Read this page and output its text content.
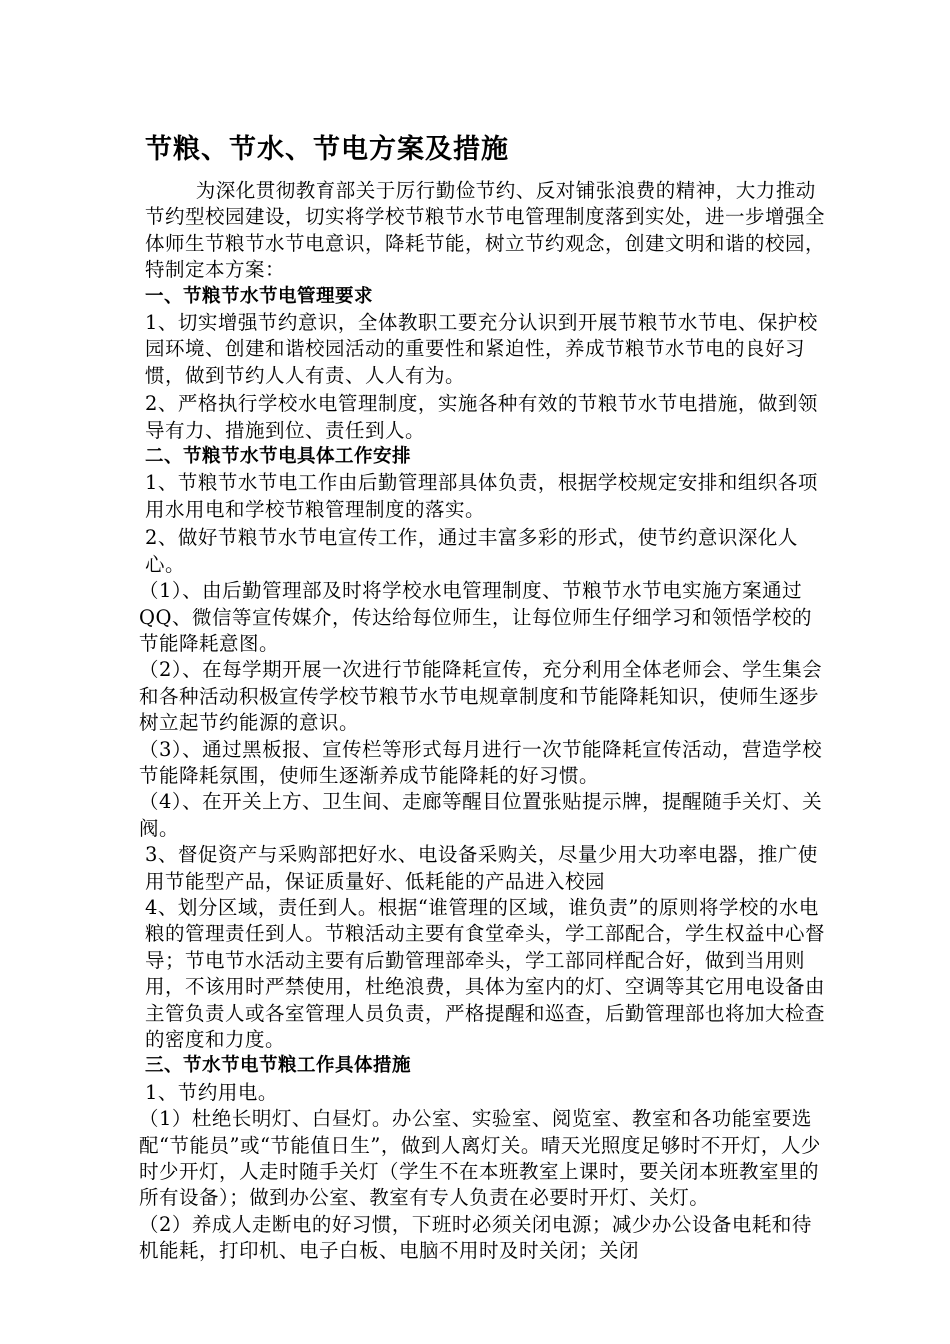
节粮、节水、节电方案及措施

为深化贯彻教育部关于厉行勤俭节约、反对铺张浪费的精神，大力推动节约型校园建设，切实将学校节粮节水节电管理制度落到实处，进一步增强全体师生节粮节水节电意识，降耗节能，树立节约观念，创建文明和谐的校园，特制定本方案：

一、节粮节水节电管理要求

1、切实增强节约意识，全体教职工要充分认识到开展节粮节水节电、保护校园环境、创建和谐校园活动的重要性和紧迫性，养成节粮节水节电的良好习惯，做到节约人人有责、人人有为。

2、严格执行学校水电管理制度，实施各种有效的节粮节水节电措施，做到领导有力、措施到位、责任到人。

二、节粮节水节电具体工作安排

1、节粮节水节电工作由后勤管理部具体负责，根据学校规定安排和组织各项用水用电和学校节粮管理制度的落实。

2、做好节粮节水节电宣传工作，通过丰富多彩的形式，使节约意识深化人心。

（1）、由后勤管理部及时将学校水电管理制度、节粮节水节电实施方案通过QQ、微信等宣传媒介，传达给每位师生，让每位师生仔细学习和领悟学校的节能降耗意图。

（2）、在每学期开展一次进行节能降耗宣传，充分利用全体老师会、学生集会和各种活动积极宣传学校节粮节水节电规章制度和节能降耗知识，使师生逐步树立起节约能源的意识。

（3）、通过黑板报、宣传栏等形式每月进行一次节能降耗宣传活动，营造学校节能降耗氛围，使师生逐渐养成节能降耗的好习惯。

（4）、在开关上方、卫生间、走廊等醒目位置张贴提示牌，提醒随手关灯、关阀。

3、督促资产与采购部把好水、电设备采购关，尽量少用大功率电器，推广使用节能型产品，保证质量好、低耗能的产品进入校园

4、划分区域，责任到人。根据“谁管理的区域，谁负责”的原则将学校的水电粮的管理责任到人。节粮活动主要有食堂牵头，学工部配合，学生权益中心督导；节电节水活动主要有后勤管理部牵头，学工部同样配合好，做到当用则用，不该用时严禁使用，杜绝浪费，具体为室内的灯、空调等其它用电设备由主管负责人或各室管理人员负责，严格提醒和巡查，后勤管理部也将加大检查的密度和力度。

三、节水节电节粮工作具体措施

1、节约用电。

（1）杜绝长明灯、白昼灯。办公室、实验室、阅览室、教室和各功能室要选配“节能员”或“节能值日生”，做到人离灯关。晴天光照度足够时不开灯，人少时少开灯，人走时随手关灯（学生不在本班教室上课时，要关闭本班教室里的所有设备）；做到办公室、教室有专人负责在必要时开灯、关灯。

（2）养成人走断电的好习惯，下班时必须关闭电源；减少办公设备电耗和待机能耗，打印机、电子白板、电脑不用时及时关闭；关闭
